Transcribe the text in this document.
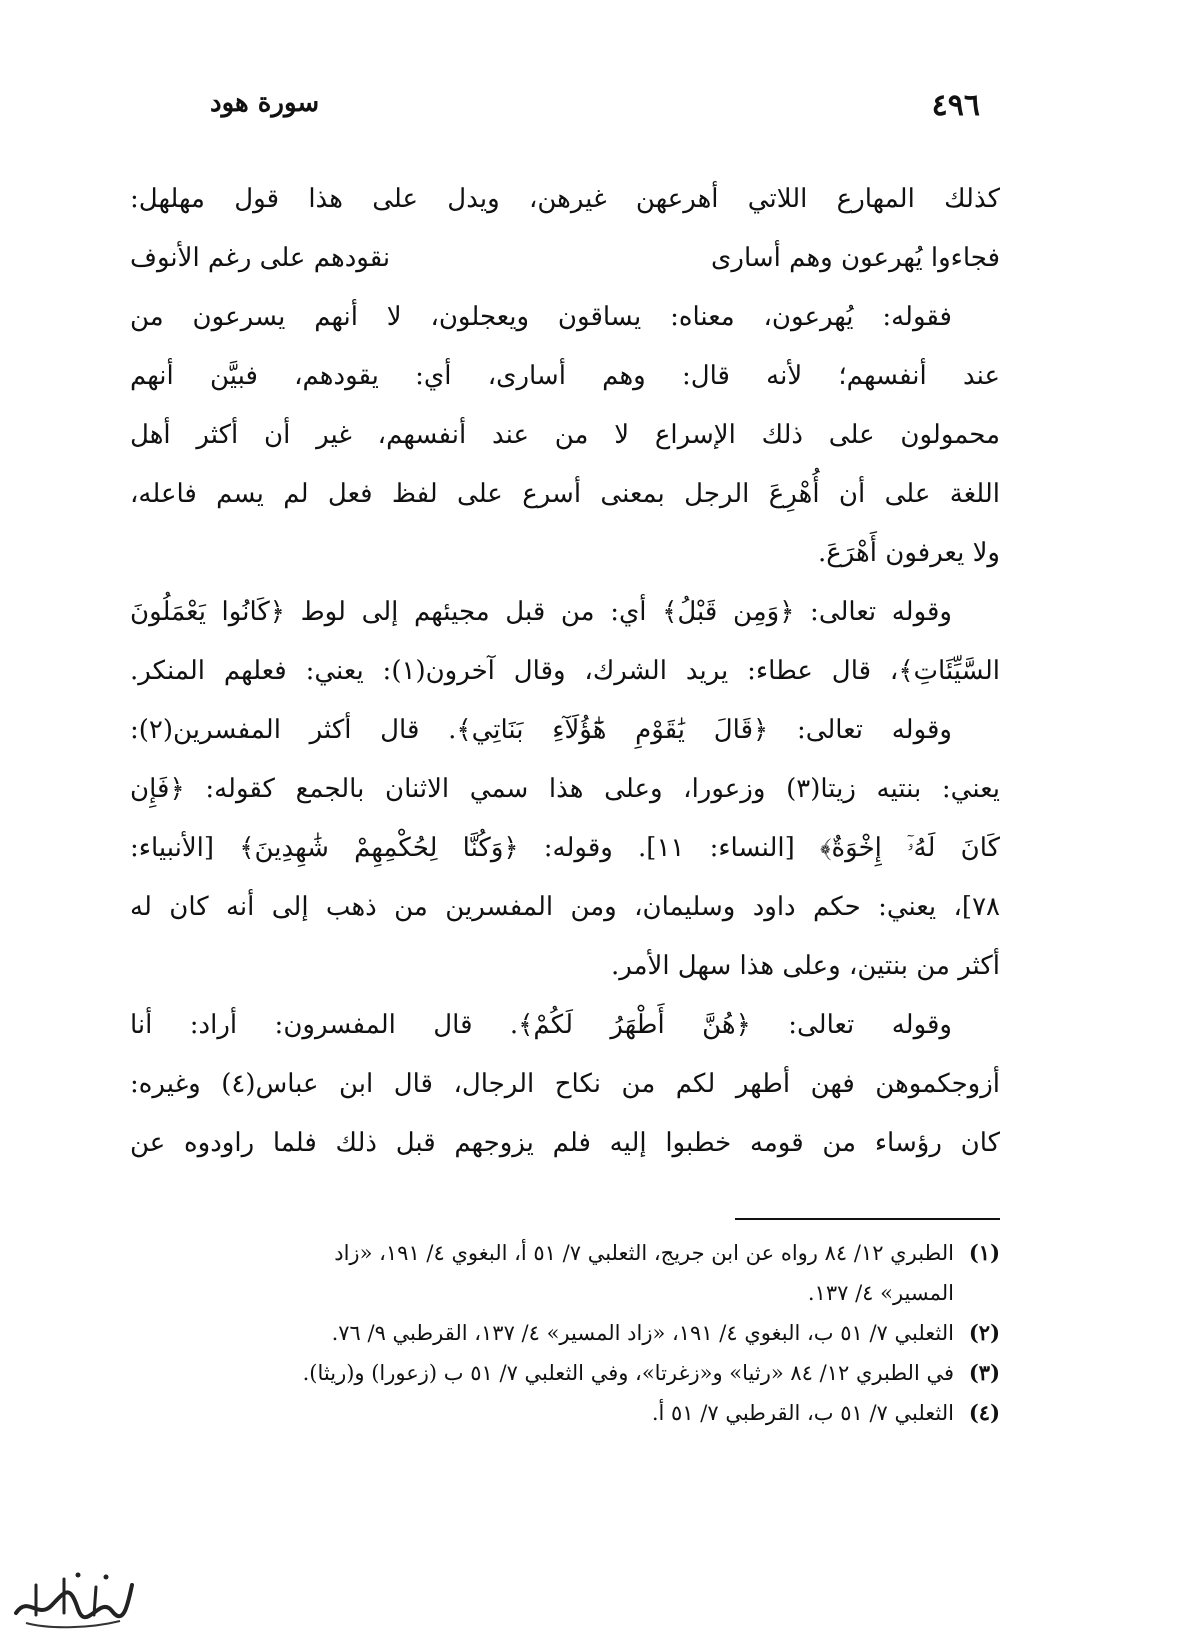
٤٩٦
سورة هود
كذلك المهارع اللاتي أهرعهن غيرهن، ويدل على هذا قول مهلهل:
فجاءوا يُهرعون وهم أسارى
نقودهم على رغم الأنوف
فقوله: يُهرعون، معناه: يساقون ويعجلون، لا أنهم يسرعون من
عند أنفسهم؛ لأنه قال: وهم أسارى، أي: يقودهم، فبيَّن أنهم
محمولون على ذلك الإسراع لا من عند أنفسهم، غير أن أكثر أهل
اللغة على أن أُهْرِعَ الرجل بمعنى أسرع على لفظ فعل لم يسم فاعله،
ولا يعرفون أَهْرَعَ.
وقوله تعالى: ﴿وَمِن قَبْلُ﴾ أي: من قبل مجيئهم إلى لوط ﴿كَانُوا يَعْمَلُونَ
السَّيِّئَاتِ﴾، قال عطاء: يريد الشرك، وقال آخرون(١): يعني: فعلهم المنكر.
وقوله تعالى: ﴿قَالَ يَٰقَوْمِ هَٰٓؤُلَآءِ بَنَاتِي﴾. قال أكثر المفسرين(٢):
يعني: بنتيه زيتا(٣) وزعورا، وعلى هذا سمي الاثنان بالجمع كقوله: ﴿فَإِن
كَانَ لَهُۥٓ إِخْوَةٌ﴾ [النساء: ١١]. وقوله: ﴿وَكُنَّا لِحُكْمِهِمْ شَٰهِدِينَ﴾ [الأنبياء:
٧٨]، يعني: حكم داود وسليمان، ومن المفسرين من ذهب إلى أنه كان له
أكثر من بنتين، وعلى هذا سهل الأمر.
وقوله تعالى: ﴿هُنَّ أَطْهَرُ لَكُمْ﴾. قال المفسرون: أراد: أنا
أزوجكموهن فهن أطهر لكم من نكاح الرجال، قال ابن عباس(٤) وغيره:
كان رؤساء من قومه خطبوا إليه فلم يزوجهم قبل ذلك فلما راودوه عن
(١)الطبري ١٢/ ٨٤ رواه عن ابن جريج، الثعلبي ٧/ ٥١ أ، البغوي ٤/ ١٩١، «زاد
المسير» ٤/ ١٣٧.
(٢)الثعلبي ٧/ ٥١ ب، البغوي ٤/ ١٩١، «زاد المسير» ٤/ ١٣٧، القرطبي ٩/ ٧٦.
(٣)في الطبري ١٢/ ٨٤ «رثيا» و«زغرتا»، وفي الثعلبي ٧/ ٥١ ب (زعورا) و(ريثا).
(٤)الثعلبي ٧/ ٥١ ب، القرطبي ٧/ ٥١ أ.
